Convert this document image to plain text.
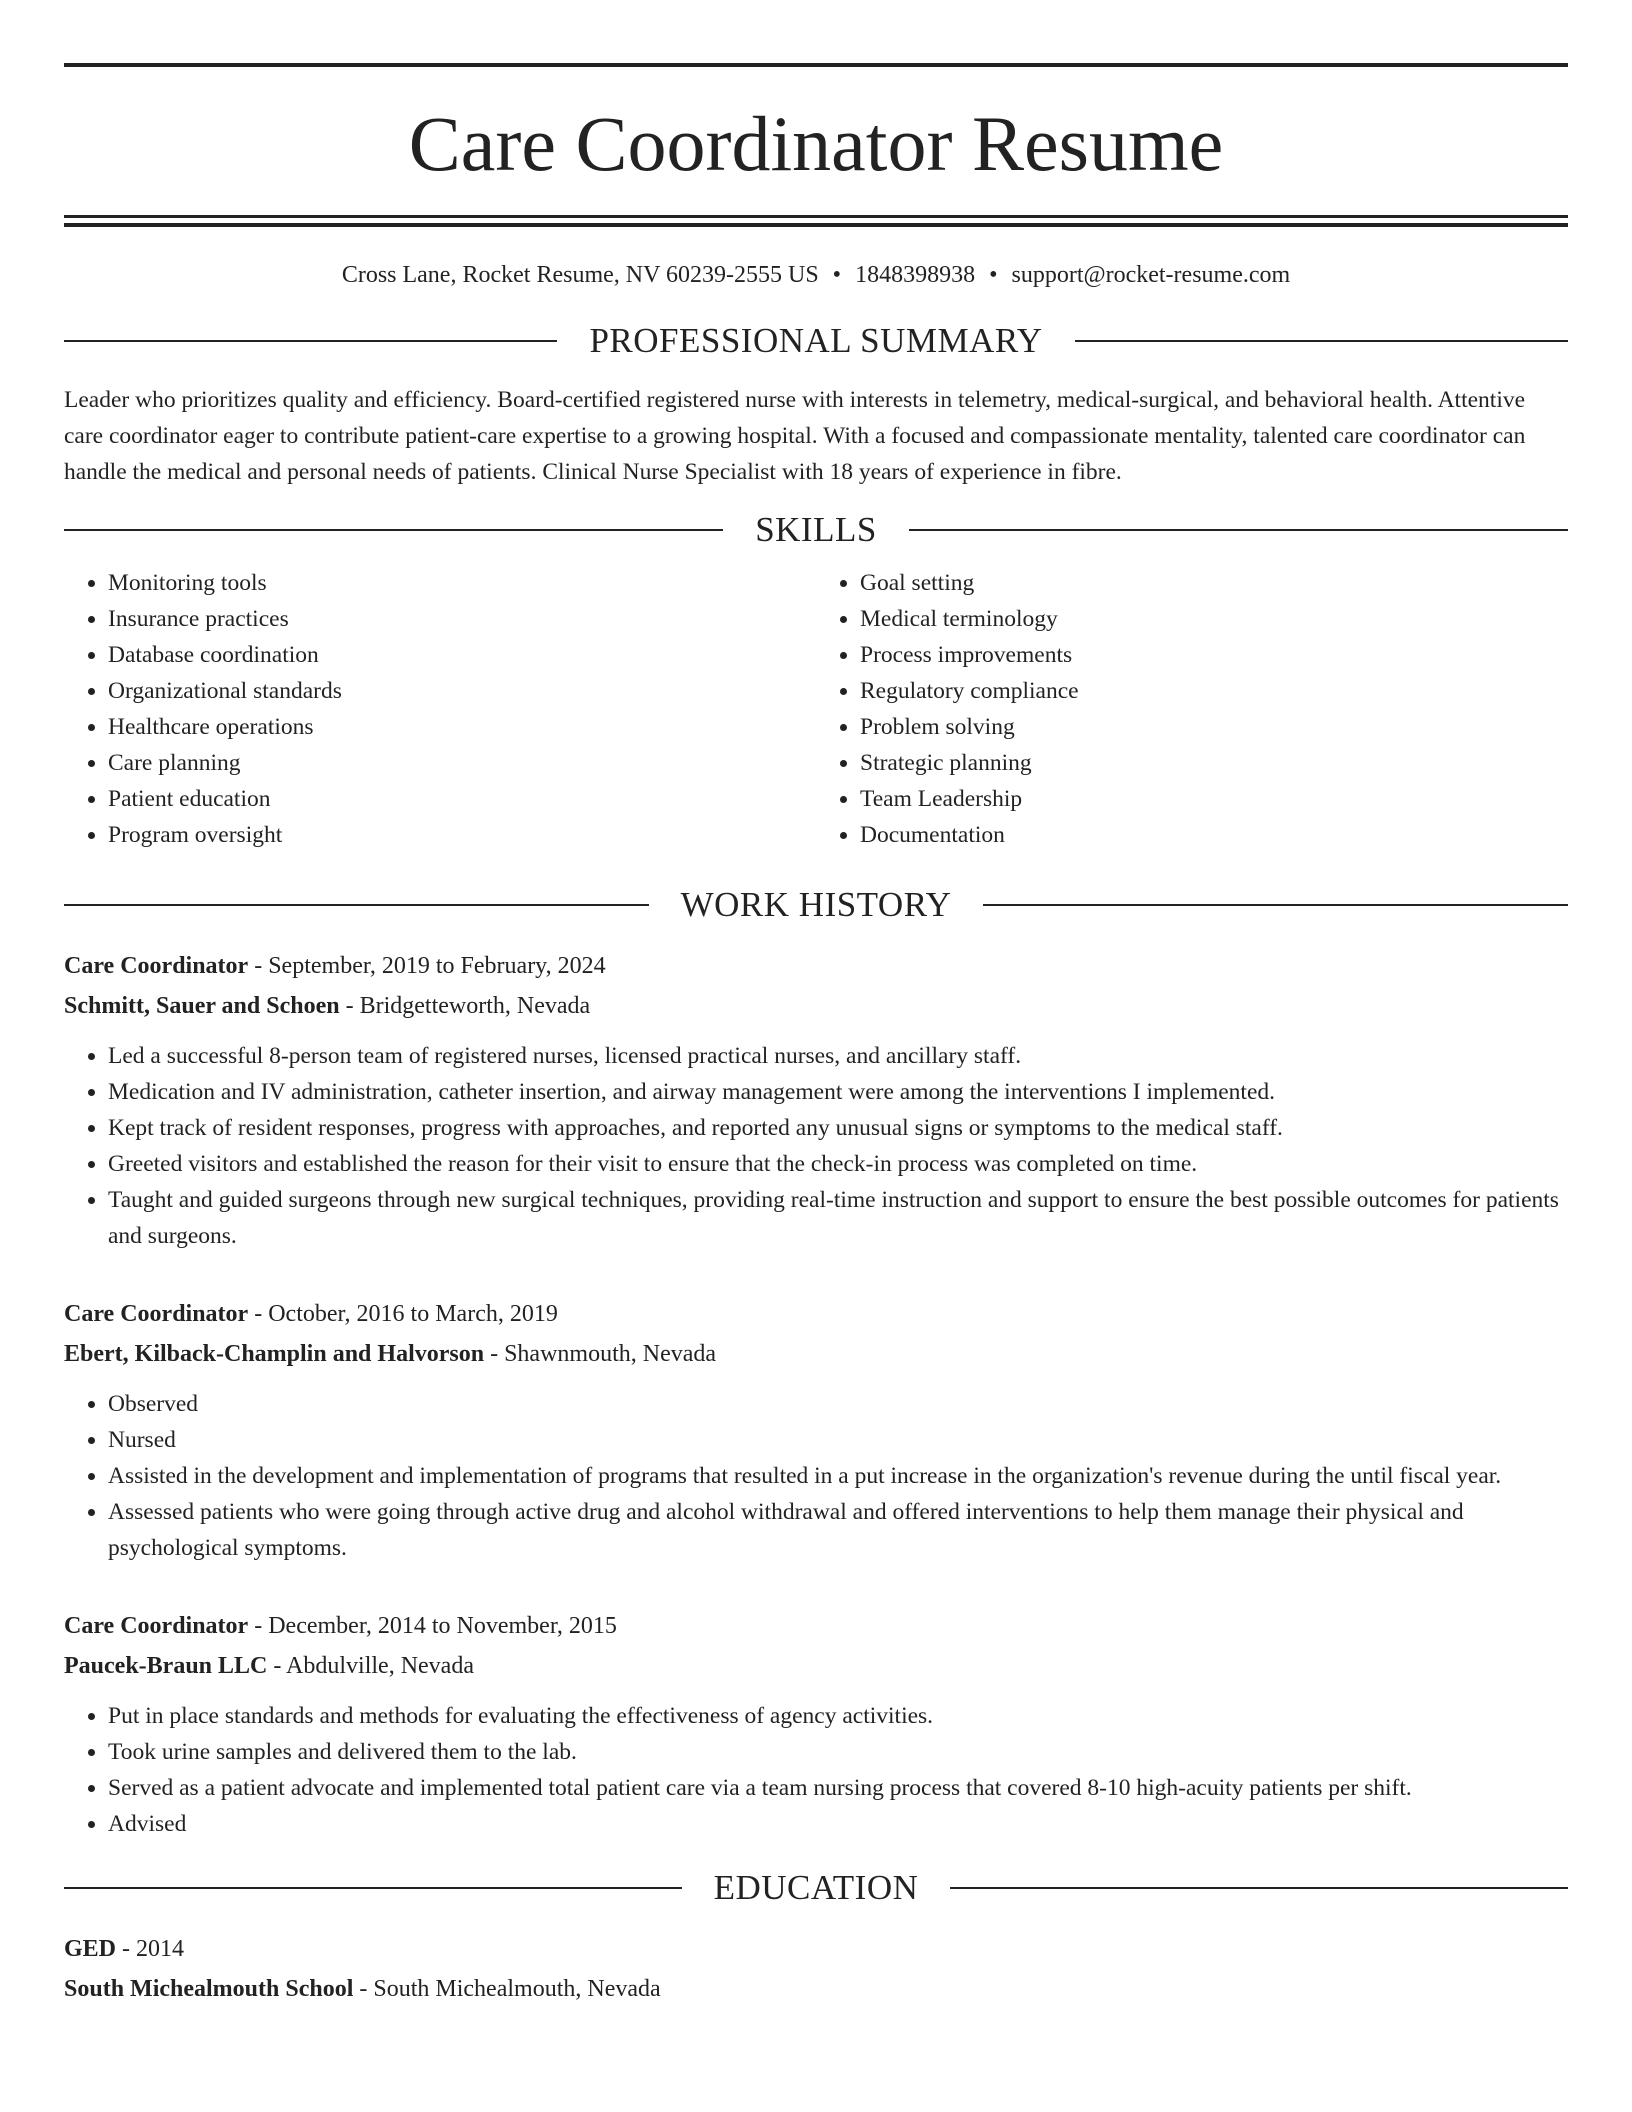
Care Coordinator Resume
Cross Lane, Rocket Resume, NV 60239-2555 US • 1848398938 • support@rocket-resume.com
PROFESSIONAL SUMMARY

Leader who prioritizes quality and efficiency. Board-certified registered nurse with interests in telemetry, medical-surgical, and behavioral health. Attentive care coordinator eager to contribute patient-care expertise to a growing hospital. With a focused and compassionate mentality, talented care coordinator can handle the medical and personal needs of patients. Clinical Nurse Specialist with 18 years of experience in fibre.

SKILLS
• Monitoring tools
• Insurance practices
• Database coordination
• Organizational standards
• Healthcare operations
• Care planning
• Patient education
• Program oversight
• Goal setting
• Medical terminology
• Process improvements
• Regulatory compliance
• Problem solving
• Strategic planning
• Team Leadership
• Documentation
WORK HISTORY
Care Coordinator - September, 2019 to February, 2024
Schmitt, Sauer and Schoen - Bridgetteworth, Nevada
• Led a successful 8-person team of registered nurses, licensed practical nurses, and ancillary staff.
• Medication and IV administration, catheter insertion, and airway management were among the interventions I implemented.
• Kept track of resident responses, progress with approaches, and reported any unusual signs or symptoms to the medical staff.
• Greeted visitors and established the reason for their visit to ensure that the check-in process was completed on time.
• Taught and guided surgeons through new surgical techniques, providing real-time instruction and support to ensure the best possible outcomes for patients and surgeons.
Care Coordinator - October, 2016 to March, 2019
Ebert, Kilback-Champlin and Halvorson - Shawnmouth, Nevada
• Observed
• Nursed
• Assisted in the development and implementation of programs that resulted in a put increase in the organization's revenue during the until fiscal year.
• Assessed patients who were going through active drug and alcohol withdrawal and offered interventions to help them manage their physical and psychological symptoms.
Care Coordinator - December, 2014 to November, 2015
Paucek-Braun LLC - Abdulville, Nevada
• Put in place standards and methods for evaluating the effectiveness of agency activities.
• Took urine samples and delivered them to the lab.
• Served as a patient advocate and implemented total patient care via a team nursing process that covered 8-10 high-acuity patients per shift.
• Advised
EDUCATION
GED - 2014
South Michealmouth School - South Michealmouth, Nevada
